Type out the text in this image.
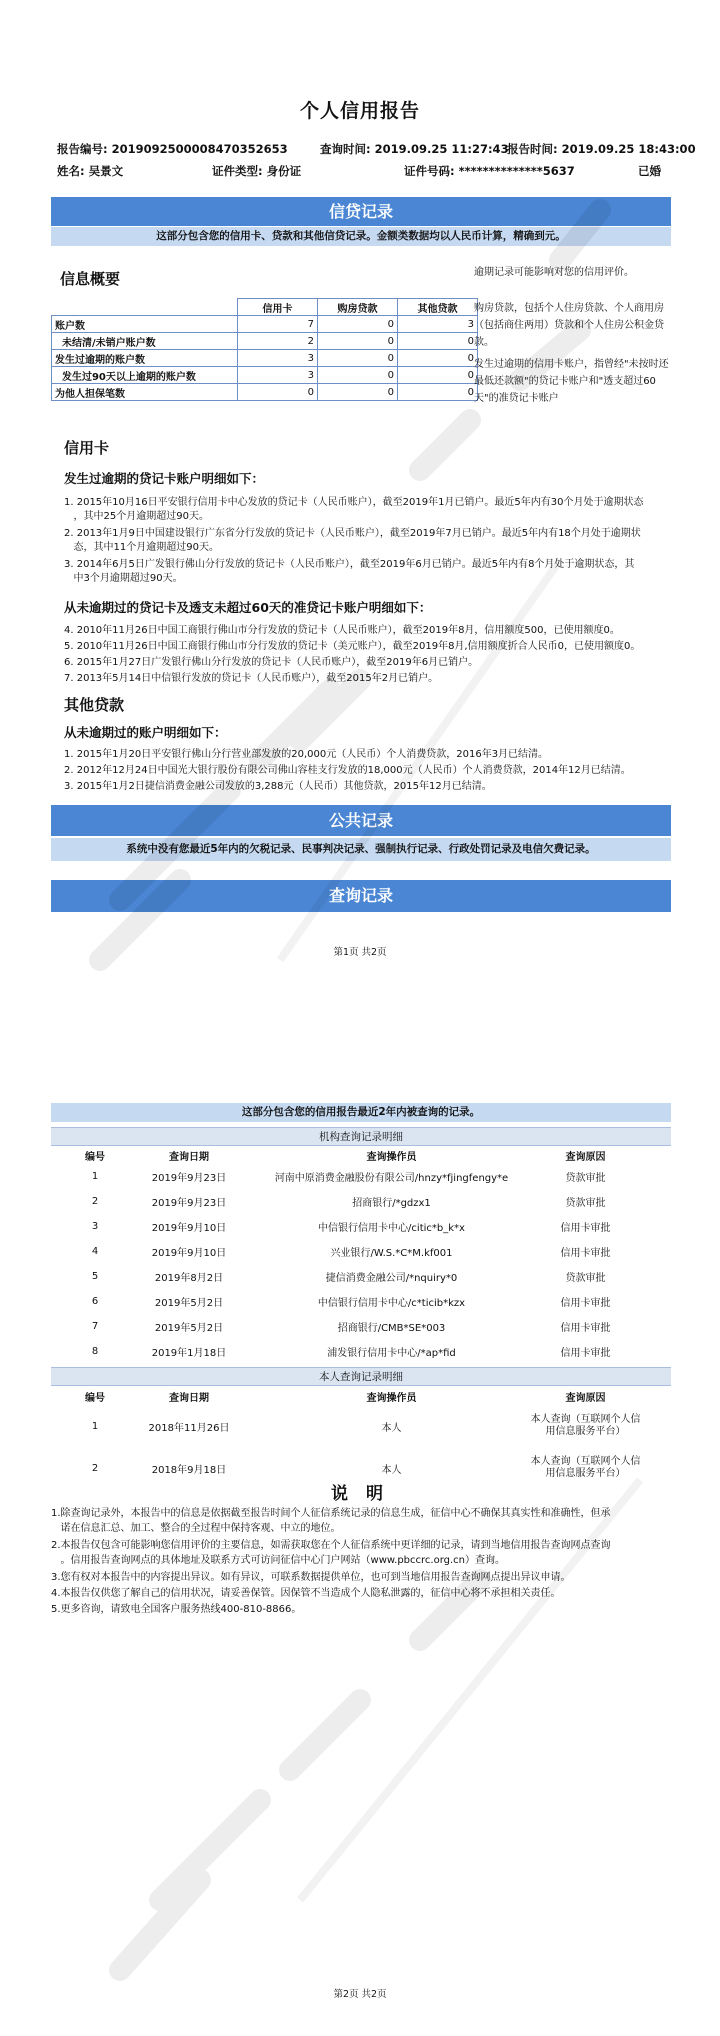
个人信用报告
报告编号: 2019092500008470352653	查询时间: 2019.09.25 11:27:43
报告时间: 2019.09.25 18:43:00
姓名: 吴景文	证件类型: 身份证	证件号码: **************5637	已婚
信贷记录
这部分包含您的信用卡、贷款和其他信贷记录。金额类数据均以人民币计算，精确到元。
信息概要
	信用卡	购房贷款	其他贷款
账户数	7	0	3
未结清/未销户账户数	2	0	0
发生过逾期的账户数	3	0	0
发生过90天以上逾期的账户数	3	0	0
为他人担保笔数	0	0	0
逾期记录可能影响对您的信用评价。
购房贷款，包括个人住房贷款、个人商用房（包括商住两用）贷款和个人住房公积金贷款。
发生过逾期的信用卡账户，指曾经"未按时还最低还款额"的贷记卡账户和"透支超过60天"的准贷记卡账户
信用卡
发生过逾期的贷记卡账户明细如下：
1. 2015年10月16日平安银行信用卡中心发放的贷记卡（人民币账户），截至2019年1月已销户。最近5年内有30个月处于逾期状态
，其中25个月逾期超过90天。
2. 2013年1月9日中国建设银行广东省分行发放的贷记卡（人民币账户），截至2019年7月已销户。最近5年内有18个月处于逾期状
态，其中11个月逾期超过90天。
3. 2014年6月5日广发银行佛山分行发放的贷记卡（人民币账户），截至2019年6月已销户。最近5年内有8个月处于逾期状态，其
中3个月逾期超过90天。
从未逾期过的贷记卡及透支未超过60天的准贷记卡账户明细如下：
4. 2010年11月26日中国工商银行佛山市分行发放的贷记卡（人民币账户），截至2019年8月，信用额度500，已使用额度0。
5. 2010年11月26日中国工商银行佛山市分行发放的贷记卡（美元账户），截至2019年8月,信用额度折合人民币0，已使用额度0。
6. 2015年1月27日广发银行佛山分行发放的贷记卡（人民币账户），截至2019年6月已销户。
7. 2013年5月14日中信银行发放的贷记卡（人民币账户），截至2015年2月已销户。
其他贷款
从未逾期过的账户明细如下：
1. 2015年1月20日平安银行佛山分行营业部发放的20,000元（人民币）个人消费贷款，2016年3月已结清。
2. 2012年12月24日中国光大银行股份有限公司佛山容桂支行发放的18,000元（人民币）个人消费贷款，2014年12月已结清。
3. 2015年1月2日捷信消费金融公司发放的3,288元（人民币）其他贷款，2015年12月已结清。
公共记录
系统中没有您最近5年内的欠税记录、民事判决记录、强制执行记录、行政处罚记录及电信欠费记录。
查询记录
第1页 共2页
这部分包含您的信用报告最近2年内被查询的记录。
机构查询记录明细
编号	查询日期	查询操作员	查询原因
1	2019年9月23日	河南中原消费金融股份有限公司/hnzy*fjingfengy*e	贷款审批
2	2019年9月23日	招商银行/*gdzx1	贷款审批
3	2019年9月10日	中信银行信用卡中心/citic*b_k*x	信用卡审批
4	2019年9月10日	兴业银行/W.S.*C*M.kf001	信用卡审批
5	2019年8月2日	捷信消费金融公司/*nquiry*0	贷款审批
6	2019年5月2日	中信银行信用卡中心/c*ticib*kzx	信用卡审批
7	2019年5月2日	招商银行/CMB*SE*003	信用卡审批
8	2019年1月18日	浦发银行信用卡中心/*ap*fid	信用卡审批
本人查询记录明细
编号	查询日期	查询操作员	查询原因
1	2018年11月26日	本人	本人查询（互联网个人信用信息服务平台）
2	2018年9月18日	本人	本人查询（互联网个人信用信息服务平台）
说 明
1.除查询记录外，本报告中的信息是依据截至报告时间个人征信系统记录的信息生成，征信中心不确保其真实性和准确性，但承
诺在信息汇总、加工、整合的全过程中保持客观、中立的地位。
2.本报告仅包含可能影响您信用评价的主要信息，如需获取您在个人征信系统中更详细的记录，请到当地信用报告查询网点查询
。信用报告查询网点的具体地址及联系方式可访问征信中心门户网站（www.pbccrc.org.cn）查询。
3.您有权对本报告中的内容提出异议。如有异议，可联系数据提供单位，也可到当地信用报告查询网点提出异议申请。
4.本报告仅供您了解自己的信用状况，请妥善保管。因保管不当造成个人隐私泄露的，征信中心将不承担相关责任。
5.更多咨询，请致电全国客户服务热线400-810-8866。
第2页 共2页
